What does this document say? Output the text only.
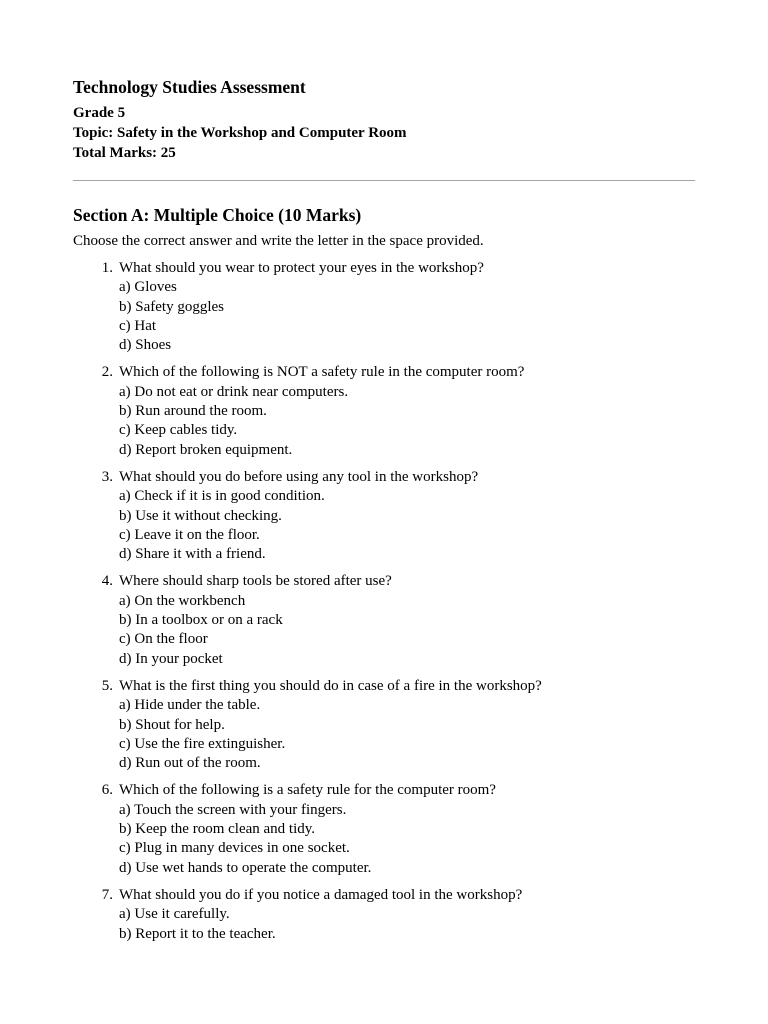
Technology Studies Assessment
Grade 5
Topic: Safety in the Workshop and Computer Room
Total Marks: 25
Section A: Multiple Choice (10 Marks)
Choose the correct answer and write the letter in the space provided.
1. What should you wear to protect your eyes in the workshop?
a) Gloves
b) Safety goggles
c) Hat
d) Shoes
2. Which of the following is NOT a safety rule in the computer room?
a) Do not eat or drink near computers.
b) Run around the room.
c) Keep cables tidy.
d) Report broken equipment.
3. What should you do before using any tool in the workshop?
a) Check if it is in good condition.
b) Use it without checking.
c) Leave it on the floor.
d) Share it with a friend.
4. Where should sharp tools be stored after use?
a) On the workbench
b) In a toolbox or on a rack
c) On the floor
d) In your pocket
5. What is the first thing you should do in case of a fire in the workshop?
a) Hide under the table.
b) Shout for help.
c) Use the fire extinguisher.
d) Run out of the room.
6. Which of the following is a safety rule for the computer room?
a) Touch the screen with your fingers.
b) Keep the room clean and tidy.
c) Plug in many devices in one socket.
d) Use wet hands to operate the computer.
7. What should you do if you notice a damaged tool in the workshop?
a) Use it carefully.
b) Report it to the teacher.
